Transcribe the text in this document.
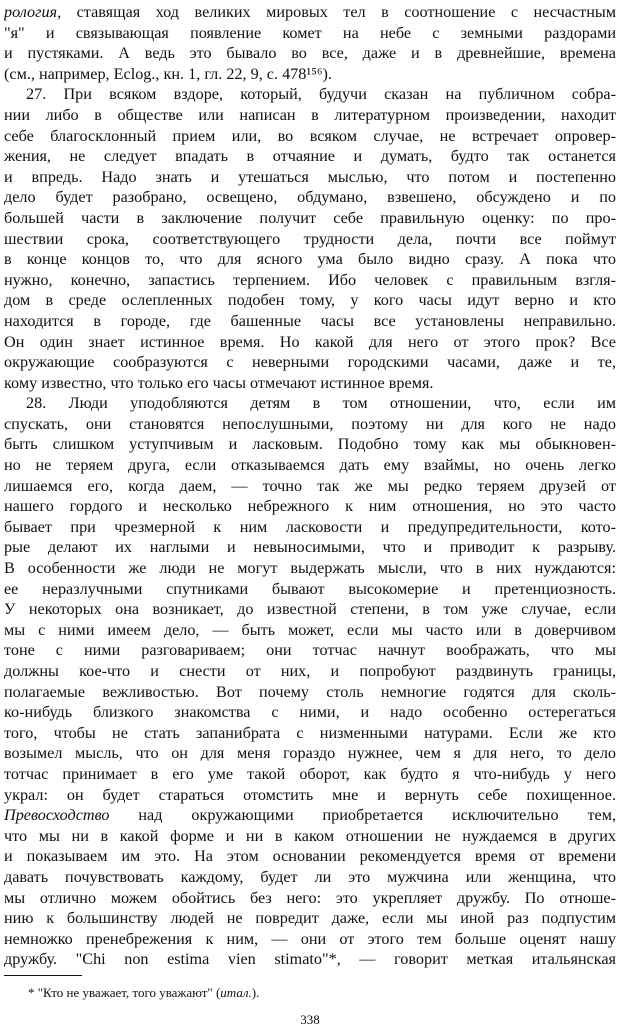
рология, ставящая ход великих мировых тел в соотношение с несчастным
"я" и связывающая появление комет на небе с земными раздорами
и пустяками. А ведь это бывало во все, даже и в древнейшие, времена
(см., например, Eclog., кн. 1, гл. 22, 9, с. 478¹⁵⁶).
27. При всяком вздоре, который, будучи сказан на публичном собра-
нии либо в обществе или написан в литературном произведении, находит
себе благосклонный прием или, во всяком случае, не встречает опровер-
жения, не следует впадать в отчаяние и думать, будто так останется
и впредь. Надо знать и утешаться мыслью, что потом и постепенно
дело будет разобрано, освещено, обдумано, взвешено, обсуждено и по
большей части в заключение получит себе правильную оценку: по про-
шествии срока, соответствующего трудности дела, почти все поймут
в конце концов то, что для ясного ума было видно сразу. А пока что
нужно, конечно, запастись терпением. Ибо человек с правильным взгля-
дом в среде ослепленных подобен тому, у кого часы идут верно и кто
находится в городе, где башенные часы все установлены неправильно.
Он один знает истинное время. Но какой для него от этого прок? Все
окружающие сообразуются с неверными городскими часами, даже и те,
кому известно, что только его часы отмечают истинное время.
28. Люди уподобляются детям в том отношении, что, если им
спускать, они становятся непослушными, поэтому ни для кого не надо
быть слишком уступчивым и ласковым. Подобно тому как мы обыкновен-
но не теряем друга, если отказываемся дать ему взаймы, но очень легко
лишаемся его, когда даем, — точно так же мы редко теряем друзей от
нашего гордого и несколько небрежного к ним отношения, но это часто
бывает при чрезмерной к ним ласковости и предупредительности, кото-
рые делают их наглыми и невыносимыми, что и приводит к разрыву.
В особенности же люди не могут выдержать мысли, что в них нуждаются:
ее неразлучными спутниками бывают высокомерие и претенциозность.
У некоторых она возникает, до известной степени, в том уже случае, если
мы с ними имеем дело, — быть может, если мы часто или в доверчивом
тоне с ними разговариваем; они тотчас начнут воображать, что мы
должны кое-что и снести от них, и попробуют раздвинуть границы,
полагаемые вежливостью. Вот почему столь немногие годятся для сколь-
ко-нибудь близкого знакомства с ними, и надо особенно остерегаться
того, чтобы не стать запанибрата с низменными натурами. Если же кто
возымел мысль, что он для меня гораздо нужнее, чем я для него, то дело
тотчас принимает в его уме такой оборот, как будто я что-нибудь у него
украл: он будет стараться отомстить мне и вернуть себе похищенное.
Превосходство над окружающими приобретается исключительно тем,
что мы ни в какой форме и ни в каком отношении не нуждаемся в других
и показываем им это. На этом основании рекомендуется время от времени
давать почувствовать каждому, будет ли это мужчина или женщина, что
мы отлично можем обойтись без него: это укрепляет дружбу. По отноше-
нию к большинству людей не повредит даже, если мы иной раз подпустим
немножко пренебрежения к ним, — они от этого тем больше оценят нашу
дружбу. "Chi non estima vien stimato"*, — говорит меткая итальянская
* "Кто не уважает, того уважают" (итал.).
338
